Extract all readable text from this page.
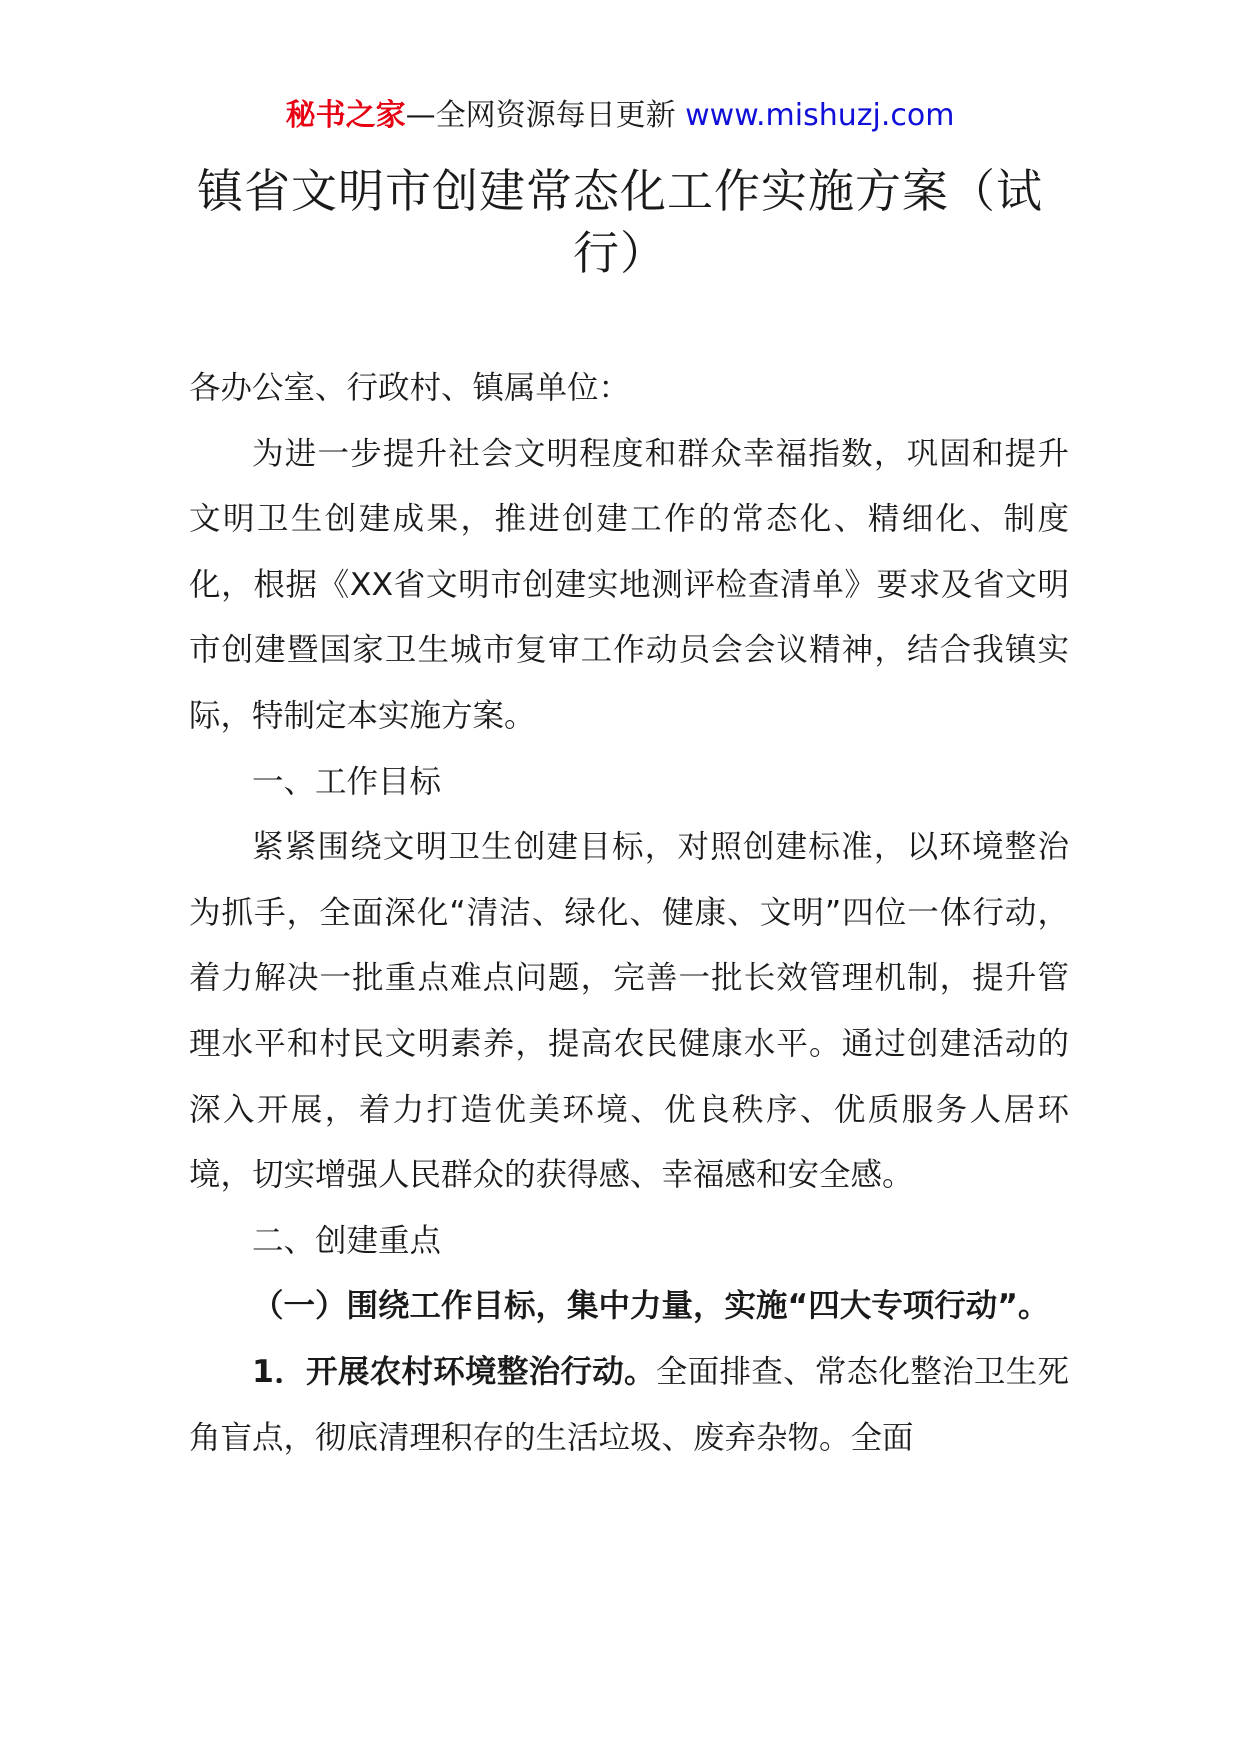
秘书之家—全网资源每日更新 www.mishuzj.com
镇省文明市创建常态化工作实施方案（试行）

各办公室、行政村、镇属单位：

为进一步提升社会文明程度和群众幸福指数，巩固和提升文明卫生创建成果，推进创建工作的常态化、精细化、制度化，根据《XX省文明市创建实地测评检查清单》要求及省文明市创建暨国家卫生城市复审工作动员会会议精神，结合我镇实际，特制定本实施方案。

一、工作目标

紧紧围绕文明卫生创建目标，对照创建标准，以环境整治为抓手，全面深化“清洁、绿化、健康、文明”四位一体行动，着力解决一批重点难点问题，完善一批长效管理机制，提升管理水平和村民文明素养，提高农民健康水平。通过创建活动的深入开展，着力打造优美环境、优良秩序、优质服务人居环境，切实增强人民群众的获得感、幸福感和安全感。

二、创建重点

（一）围绕工作目标，集中力量，实施“四大专项行动”。

1．开展农村环境整治行动。全面排查、常态化整治卫生死角盲点，彻底清理积存的生活垃圾、废弃杂物。全面
